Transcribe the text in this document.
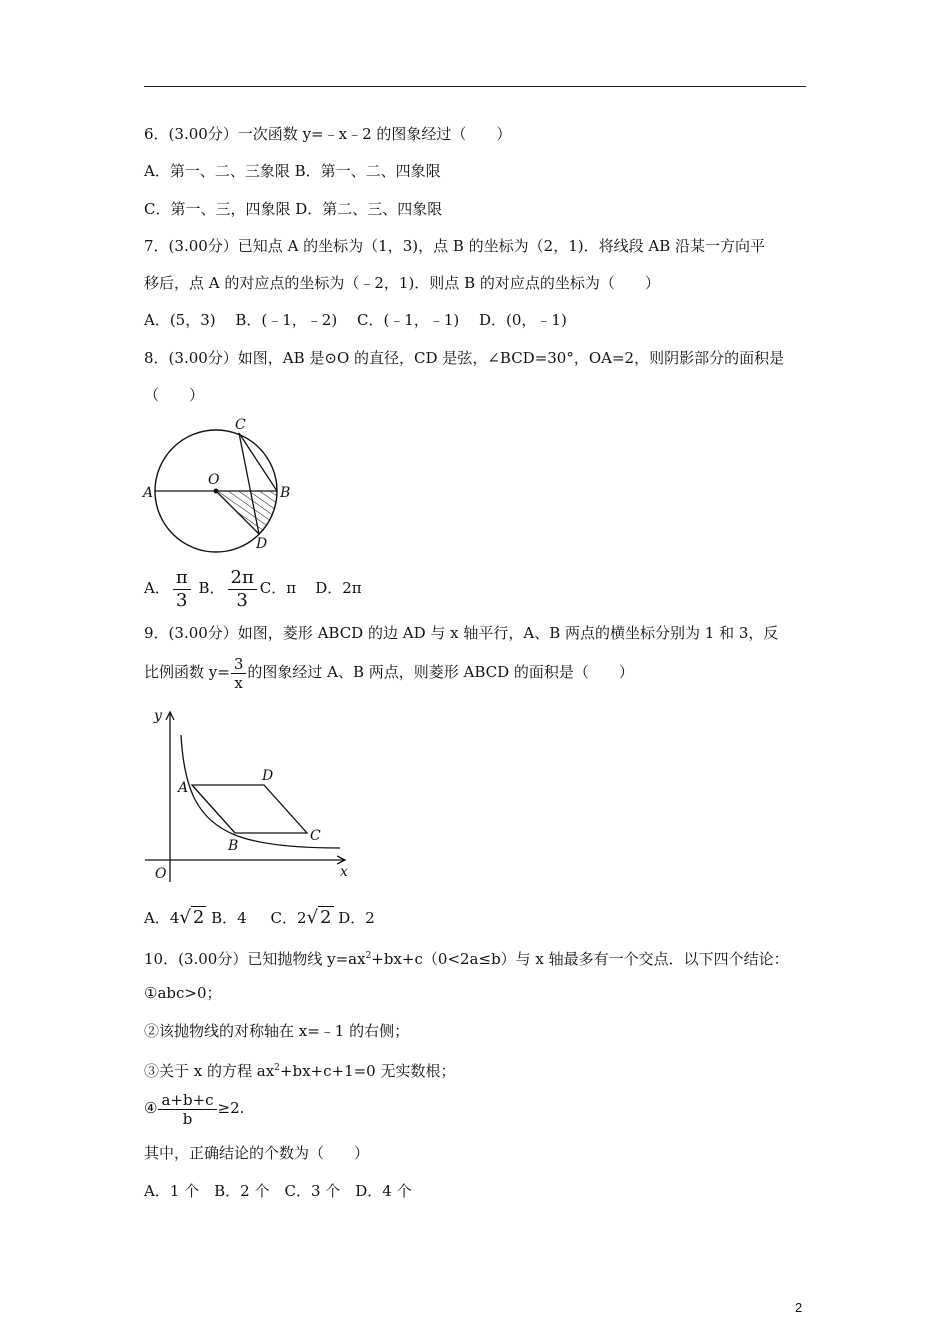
6．(3.00分）一次函数 y=﹣x﹣2 的图象经过（　　）
A．第一、二、三象限 B．第一、二、四象限
C．第一、三，四象限 D．第二、三、四象限
7．(3.00分）已知点 A 的坐标为（1，3)，点 B 的坐标为（2，1)．将线段 AB 沿某一方向平
移后，点 A 的对应点的坐标为（﹣2，1)．则点 B 的对应点的坐标为（　　）
A．(5，3)　 B．(﹣1，﹣2)　 C．(﹣1，﹣1)　 D．(0，﹣1)
8．(3.00分）如图，AB 是⊙O 的直径，CD 是弦，∠BCD=30°，OA=2，则阴影部分的面积是
（　　）
A
O
B
C
D
A． $\frac{\pi}{3}$ B． $\frac{2\pi}{3}$ C．π D．2π
9．(3.00分）如图，菱形 ABCD 的边 AD 与 x 轴平行，A、B 两点的横坐标分别为 1 和 3，反
比例函数 $y= \frac{3}{x}$ 的图象经过 A、B 两点，则菱形 ABCD 的面积是（　　）
y
x
O
A
B
C
D
A．4√ 2 B．4 C．2√ 2 D．2
10．(3.00分）已知抛物线 $y=ax^2+bx+c(0<2a\le b)$与 x 轴最多有一个交点．以下四个结论：
①abc>0；
②该抛物线的对称轴在 x=﹣1 的右侧；
③关于 x 的方程 $ax^2+bx+c+1=0$ 无实数根；
④ $\frac{a+b+c}{b} \ge 2$.
其中，正确结论的个数为（　　）
A．1 个　B．2 个　C．3 个　D．4 个
2
